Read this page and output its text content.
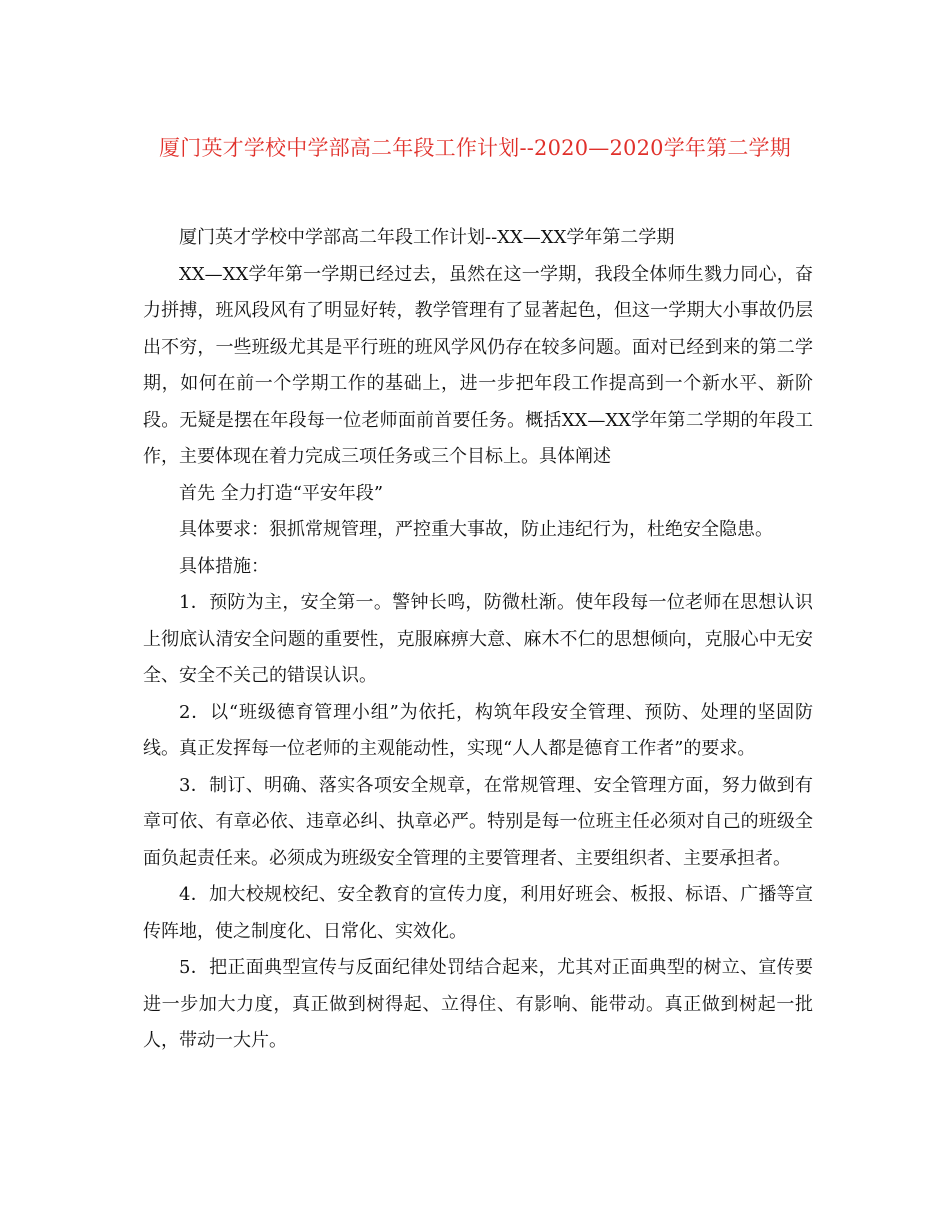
厦门英才学校中学部高二年段工作计划--2020—2020学年第二学期

厦门英才学校中学部高二年段工作计划--XX—XX学年第二学期

XX—XX学年第一学期已经过去，虽然在这一学期，我段全体师生戮力同心，奋力拼搏，班风段风有了明显好转，教学管理有了显著起色，但这一学期大小事故仍层出不穷，一些班级尤其是平行班的班风学风仍存在较多问题。面对已经到来的第二学期，如何在前一个学期工作的基础上，进一步把年段工作提高到一个新水平、新阶段。无疑是摆在年段每一位老师面前首要任务。概括XX—XX学年第二学期的年段工作，主要体现在着力完成三项任务或三个目标上。具体阐述

首先 全力打造“平安年段”

具体要求：狠抓常规管理，严控重大事故，防止违纪行为，杜绝安全隐患。

具体措施：

1．预防为主，安全第一。警钟长鸣，防微杜渐。使年段每一位老师在思想认识上彻底认清安全问题的重要性，克服麻痹大意、麻木不仁的思想倾向，克服心中无安全、安全不关己的错误认识。

2．以“班级德育管理小组”为依托，构筑年段安全管理、预防、处理的坚固防线。真正发挥每一位老师的主观能动性，实现“人人都是德育工作者”的要求。

3．制订、明确、落实各项安全规章，在常规管理、安全管理方面，努力做到有章可依、有章必依、违章必纠、执章必严。特别是每一位班主任必须对自己的班级全面负起责任来。必须成为班级安全管理的主要管理者、主要组织者、主要承担者。

4．加大校规校纪、安全教育的宣传力度，利用好班会、板报、标语、广播等宣传阵地，使之制度化、日常化、实效化。

5．把正面典型宣传与反面纪律处罚结合起来，尤其对正面典型的树立、宣传要进一步加大力度，真正做到树得起、立得住、有影响、能带动。真正做到树起一批人，带动一大片。
